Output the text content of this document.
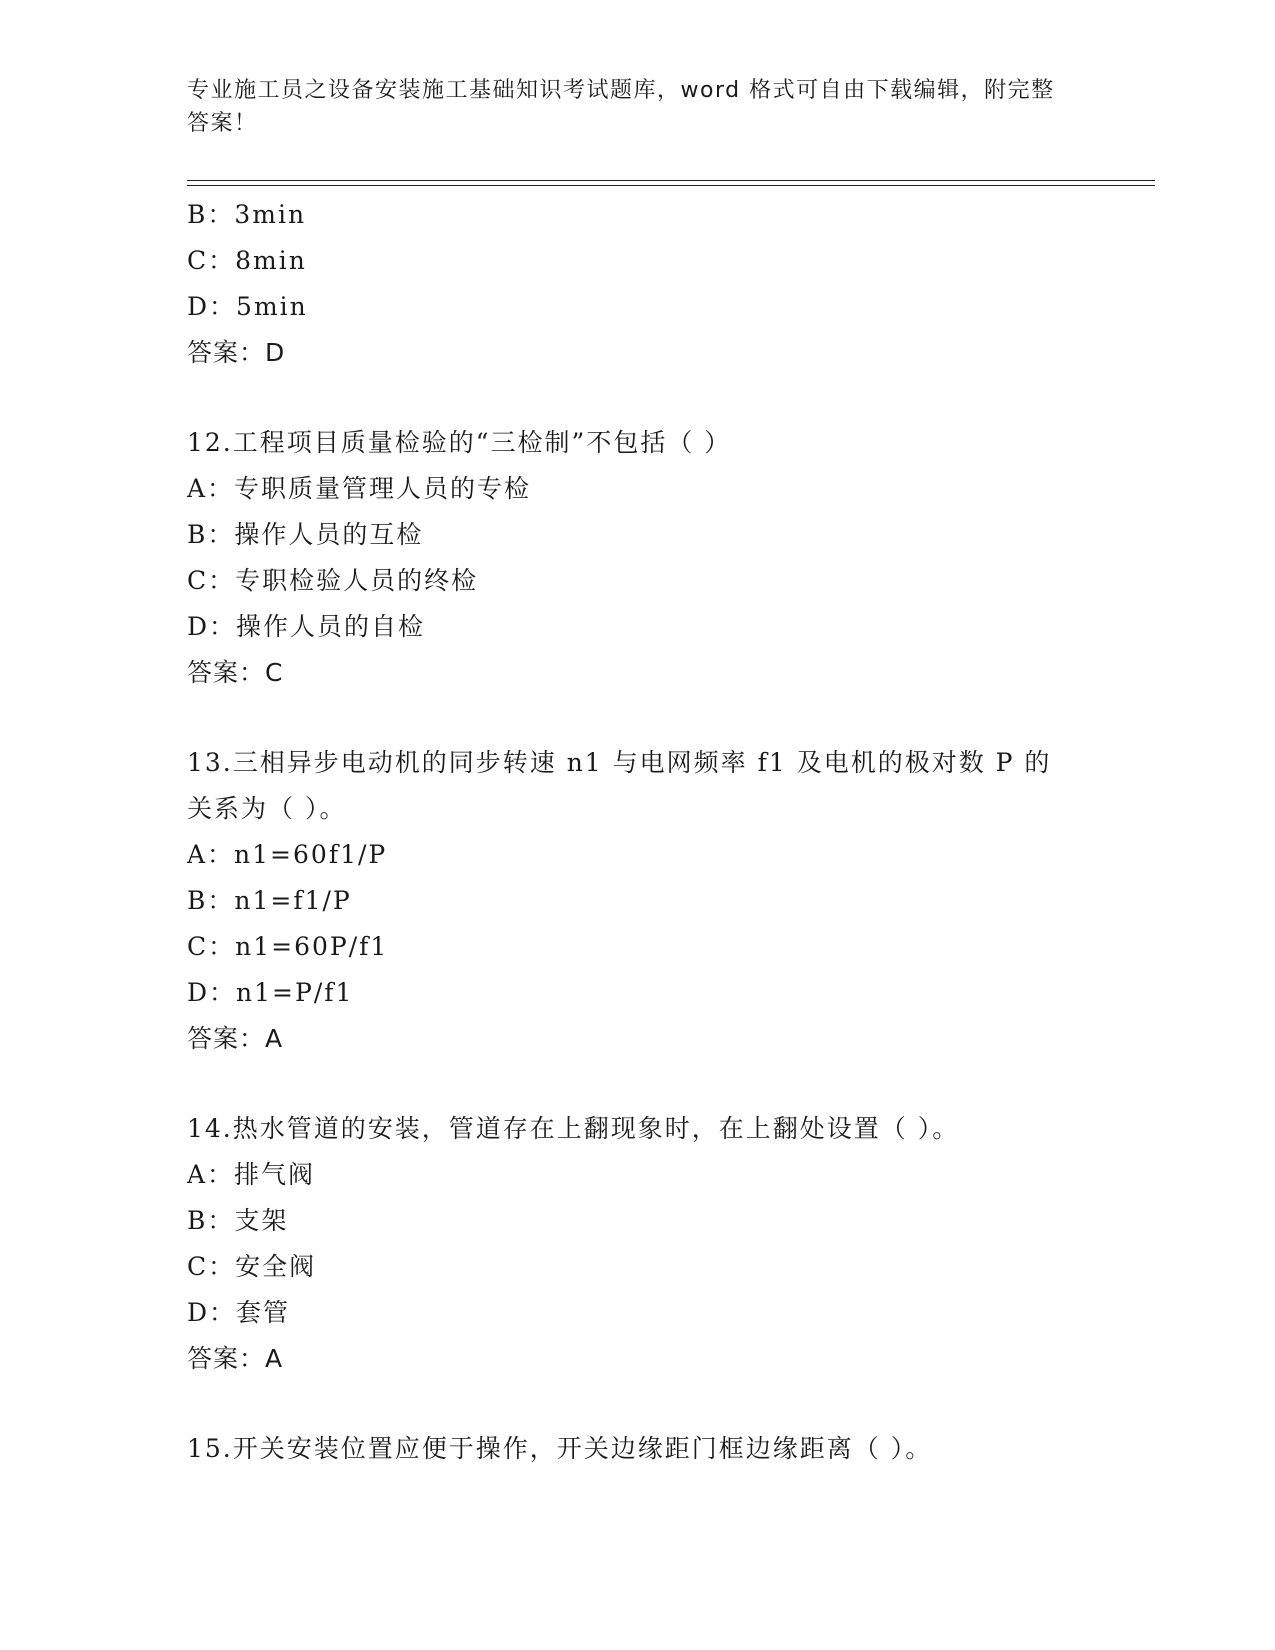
专业施工员之设备安装施工基础知识考试题库，word 格式可自由下载编辑，附完整答案！
B：3min
C：8min
D：5min
答案：D
12.工程项目质量检验的“三检制”不包括（ ）
A：专职质量管理人员的专检
B：操作人员的互检
C：专职检验人员的终检
D：操作人员的自检
答案：C
13.三相异步电动机的同步转速 n1 与电网频率 f1 及电机的极对数 P 的关系为（ ）。
A：n1=60f1/P
B：n1=f1/P
C：n1=60P/f1
D：n1=P/f1
答案：A
14.热水管道的安装，管道存在上翻现象时，在上翻处设置（ ）。
A：排气阀
B：支架
C：安全阀
D：套管
答案：A
15.开关安装位置应便于操作，开关边缘距门框边缘距离（ ）。
